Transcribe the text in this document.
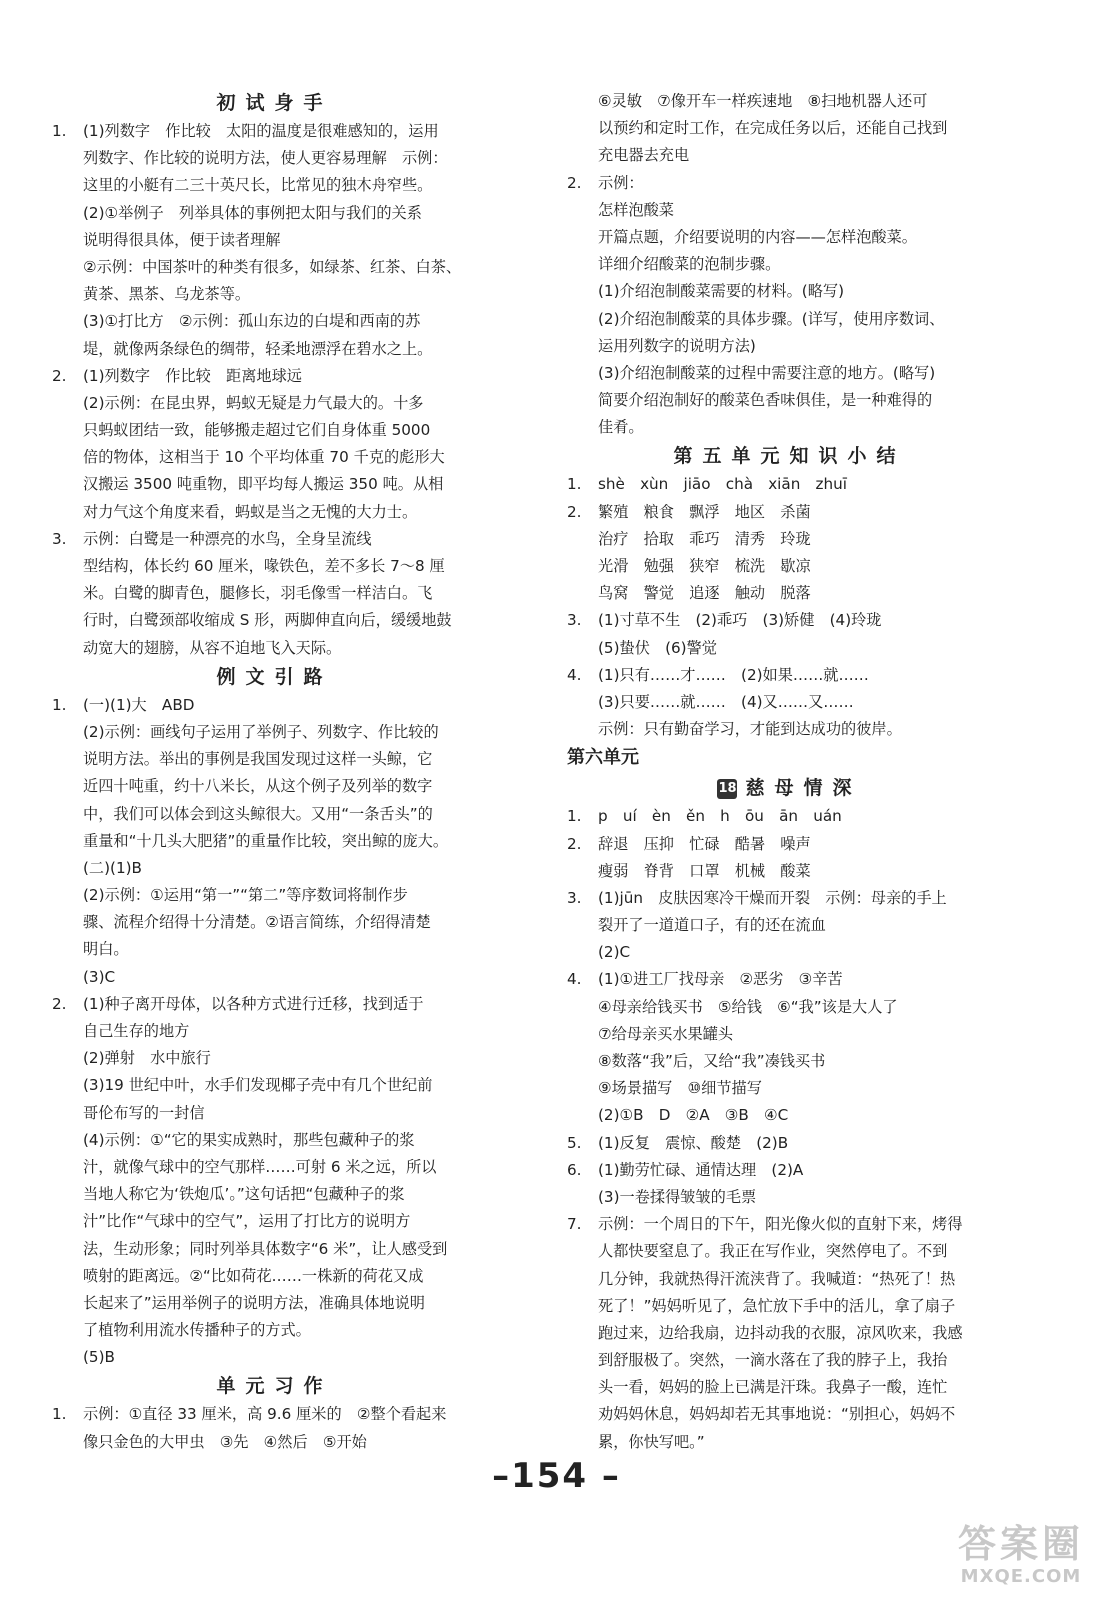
初试身手
1. (1)列数字　作比较　太阳的温度是很难感知的，运用
列数字、作比较的说明方法，使人更容易理解　示例：
这里的小艇有二三十英尺长，比常见的独木舟窄些。
(2)①举例子　列举具体的事例把太阳与我们的关系
说明得很具体，便于读者理解
②示例：中国茶叶的种类有很多，如绿茶、红茶、白茶、
黄茶、黑茶、乌龙茶等。
(3)①打比方　②示例：孤山东边的白堤和西南的苏
堤，就像两条绿色的绸带，轻柔地漂浮在碧水之上。
2. (1)列数字　作比较　距离地球远
(2)示例：在昆虫界，蚂蚁无疑是力气最大的。十多
只蚂蚁团结一致，能够搬走超过它们自身体重 5000
倍的物体，这相当于 10 个平均体重 70 千克的彪形大
汉搬运 3500 吨重物，即平均每人搬运 350 吨。从相
对力气这个角度来看，蚂蚁是当之无愧的大力士。
3. 示例：白鹭是一种漂亮的水鸟，全身呈流线
型结构，体长约 60 厘米，喙铁色，差不多长 7～8 厘
米。白鹭的脚青色，腿修长，羽毛像雪一样洁白。飞
行时，白鹭颈部收缩成 S 形，两脚伸直向后，缓缓地鼓
动宽大的翅膀，从容不迫地飞入天际。
例文引路
1. (一)(1)大　ABD
(2)示例：画线句子运用了举例子、列数字、作比较的
说明方法。举出的事例是我国发现过这样一头鲸，它
近四十吨重，约十八米长，从这个例子及列举的数字
中，我们可以体会到这头鲸很大。又用“一条舌头”的
重量和“十几头大肥猪”的重量作比较，突出鲸的庞大。
(二)(1)B
(2)示例：①运用“第一”“第二”等序数词将制作步
骤、流程介绍得十分清楚。②语言简练，介绍得清楚
明白。
(3)C
2. (1)种子离开母体，以各种方式进行迁移，找到适于
自己生存的地方
(2)弹射　水中旅行
(3)19 世纪中叶，水手们发现椰子壳中有几个世纪前
哥伦布写的一封信
(4)示例：①“它的果实成熟时，那些包藏种子的浆
汁，就像气球中的空气那样……可射 6 米之远，所以
当地人称它为‘铁炮瓜’。”这句话把“包藏种子的浆
汁”比作“气球中的空气”，运用了打比方的说明方
法，生动形象；同时列举具体数字“6 米”，让人感受到
喷射的距离远。②“比如荷花……一株新的荷花又成
长起来了”运用举例子的说明方法，准确具体地说明
了植物利用流水传播种子的方式。
(5)B
单元习作
1. 示例：①直径 33 厘米，高 9.6 厘米的　②整个看起来
像只金色的大甲虫　③先　④然后　⑤开始
⑥灵敏　⑦像开车一样疾速地　⑧扫地机器人还可
以预约和定时工作，在完成任务以后，还能自己找到
充电器去充电
2. 示例：
怎样泡酸菜
开篇点题，介绍要说明的内容——怎样泡酸菜。
详细介绍酸菜的泡制步骤。
(1)介绍泡制酸菜需要的材料。(略写)
(2)介绍泡制酸菜的具体步骤。(详写，使用序数词、
运用列数字的说明方法)
(3)介绍泡制酸菜的过程中需要注意的地方。(略写)
简要介绍泡制好的酸菜色香味俱佳，是一种难得的
佳肴。
第五单元知识小结
1. shè　xùn　jiāo　chà　xiān　zhuī
2. 繁殖　粮食　飘浮　地区　杀菌
治疗　拾取　乖巧　清秀　玲珑
光滑　勉强　狭窄　梳洗　歇凉
鸟窝　警觉　追逐　触动　脱落
3. (1)寸草不生　(2)乖巧　(3)矫健　(4)玲珑
(5)蛰伏　(6)警觉
4. (1)只有……才……　(2)如果……就……
(3)只要……就……　(4)又……又……
示例：只有勤奋学习，才能到达成功的彼岸。
第六单元
18 慈母情深
1. p　uí　èn　ěn　h　ōu　ān　uán
2. 辞退　压抑　忙碌　酷暑　噪声
瘦弱　脊背　口罩　机械　酸菜
3. (1)jūn　皮肤因寒冷干燥而开裂　示例：母亲的手上
裂开了一道道口子，有的还在流血
(2)C
4. (1)①进工厂找母亲　②恶劣　③辛苦
④母亲给钱买书　⑤给钱　⑥“我”该是大人了
⑦给母亲买水果罐头
⑧数落“我”后，又给“我”凑钱买书
⑨场景描写　⑩细节描写
(2)①B　D　②A　③B　④C
5. (1)反复　震惊、酸楚　(2)B
6. (1)勤劳忙碌、通情达理　(2)A
(3)一卷揉得皱皱的毛票
7. 示例：一个周日的下午，阳光像火似的直射下来，烤得
人都快要窒息了。我正在写作业，突然停电了。不到
几分钟，我就热得汗流浃背了。我喊道：“热死了！热
死了！”妈妈听见了，急忙放下手中的活儿，拿了扇子
跑过来，边给我扇，边抖动我的衣服，凉风吹来，我感
到舒服极了。突然，一滴水落在了我的脖子上，我抬
头一看，妈妈的脸上已满是汗珠。我鼻子一酸，连忙
劝妈妈休息，妈妈却若无其事地说：“别担心，妈妈不
累，你快写吧。”
–154 –
答案圈
MXQE.COM
